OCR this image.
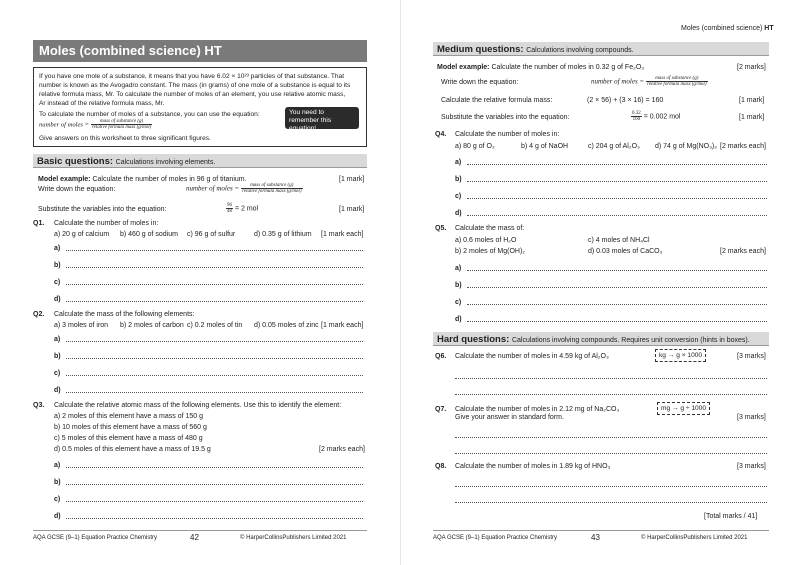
Moles (combined science) HT
If you have one mole of a substance, it means that you have 6.02 × 10²³ particles of that substance. That
number is known as the Avogadro constant. The mass (in grams) of one mole of a substance is equal to its
relative formula mass, Mr. To calculate the number of moles of an element, you use relative atomic mass,
Ar instead of the relative formula mass, Mr.
To calculate the number of moles of a substance, you can use the equation:
number of moles = $\frac{\text{mass of substance (g)}}{\text{relative formula mass (g/mol)}}$
Give answers on this worksheet to three significant figures.
You need to remember this equation!
Basic questions: Calculations involving elements.
Model example: Calculate the number of moles in 96 g of titanium.	[1 mark]
Write down the equation:	number of moles = $\frac{\text{mass of substance (g)}}{\text{relative formula mass (g/mol)}}$
Substitute the variables into the equation:	$\frac{96}{48} = 2$ mol	[1 mark]
Q1. Calculate the number of moles in:
a) 20 g of calcium b) 460 g of sodium c) 96 g of sulfur	d) 0.35 g of lithium [1 mark each]
a)
b)
c)
d)
Q2. Calculate the mass of the following elements:
a) 3 moles of iron b) 2 moles of carbon c) 0.2 moles of tin d) 0.05 moles of zinc [1 mark each]
a)
b)
c)
d)
Q3. Calculate the relative atomic mass of the following elements. Use this to identify the element:
a) 2 moles of this element have a mass of 150 g
b) 10 moles of this element have a mass of 560 g
c) 5 moles of this element have a mass of 480 g
d) 0.5 moles of this element have a mass of 19.5 g	[2 marks each]
a)
b)
c)
d)
AQA GCSE (9–1) Equation Practice Chemistry	42	© HarperCollinsPublishers Limited 2021
Moles (combined science) HT
Medium questions: Calculations involving compounds.
Model example: Calculate the number of moles in 0.32 g of Fe₂O₃	[2 marks]
Write down the equation:	number of moles = $\frac{\text{mass of substance (g)}}{\text{relative formula mass (g/mol)}}$
Calculate the relative formula mass:	(2 × 56) + (3 × 16) = 160	[1 mark]
Substitute the variables into the equation:	$\frac{0.32}{160} = 0.002$ mol	[1 mark]
Q4. Calculate the number of moles in:
a) 80 g of O₂	b) 4 g of NaOH	c) 204 g of Al₂O₃ d) 74 g of Mg(NO₃)₂ [2 marks each]
a)
b)
c)
d)
Q5. Calculate the mass of:
a) 0.6 moles of H₂O	c) 4 moles of NH₄Cl
b) 2 moles of Mg(OH)₂	d) 0.03 moles of CaCO₃	[2 marks each]
a)
b)
c)
d)
Hard questions: Calculations involving compounds. Requires unit conversion (hints in boxes).
Q6. Calculate the number of moles in 4.59 kg of Al₂O₃	kg → g × 1000	[3 marks]
Q7. Calculate the number of moles in 2.12 mg of Na₂CO₃
Give your answer in standard form.
mg → g ÷ 1000
[3 marks]
Q8. Calculate the number of moles in 1.89 kg of HNO₃	[3 marks]
[Total marks / 41]
AQA GCSE (9–1) Equation Practice Chemistry	43	© HarperCollinsPublishers Limited 2021
